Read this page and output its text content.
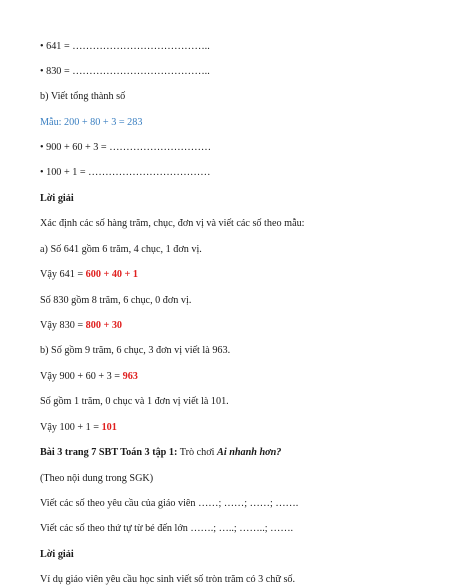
• 641 = …………………………………..
• 830 = …………………………………..
b) Viết tổng thành số
Mẫu: 200 + 80 + 3 = 283
• 900 + 60 + 3 = …………………………
• 100 + 1 = ………………………………
Lời giải
Xác định các số hàng trăm, chục, đơn vị và viết các số theo mẫu:
a) Số 641 gồm 6 trăm, 4 chục, 1 đơn vị.
Vậy 641 = 600 + 40 + 1
Số 830 gồm 8 trăm, 6 chục, 0 đơn vị.
Vậy 830 = 800 + 30
b) Số gồm 9 trăm, 6 chục, 3 đơn vị viết là 963.
Vậy 900 + 60 + 3 = 963
Số gồm 1 trăm, 0 chục và 1 đơn vị viết là 101.
Vậy 100 + 1 = 101
Bài 3 trang 7 SBT Toán 3 tập 1: Trò chơi Ai nhanh hơn?
(Theo nội dung trong SGK)
Viết các số theo yêu cầu của giáo viên ……; ……; ……; …….
Viết các số theo thứ tự từ bé đến lớn …….; …..; ……..; …….
Lời giải
Ví dụ giáo viên yêu cầu học sinh viết số tròn trăm có 3 chữ số.
